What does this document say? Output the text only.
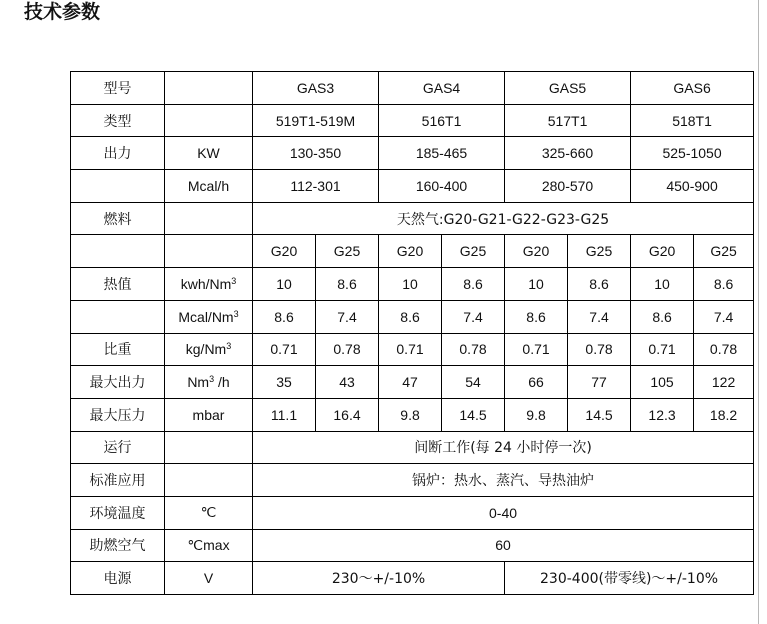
技术参数
型号		GAS3		GAS4		GAS5		GAS6	
类型		519T1-519M		516T1		517T1		518T1	
出力	KW	130-350		185-465		325-660		525-1050	
	Mcal/h	112-301		160-400		280-570		450-900	
燃料		天然气:G20-G21-G22-G23-G25							
		G20	G25	G20	G25	G20	G25	G20	G25
热值	kwh/Nm$^3$	10	8.6	10	8.6	10	8.6	10	8.6
	Mcal/Nm$^3$	8.6	7.4	8.6	7.4	8.6	7.4	8.6	7.4
比重	kg/Nm$^3$	0.71	0.78	0.71	0.78	0.71	0.78	0.71	0.78
最大出力	Nm$^3$ /h	35	43	47	54	66	77	105	122
最大压力	mbar	11.1	16.4	9.8	14.5	9.8	14.5	12.3	18.2
运行		间断工作(每 24 小时停一次)							
标准应用		锅炉：热水、蒸汽、导热油炉							
环境温度	℃	0-40							
助燃空气	℃max	60							
电源	V	230～+/-10%				230-400(带零线)～+/-10%			
